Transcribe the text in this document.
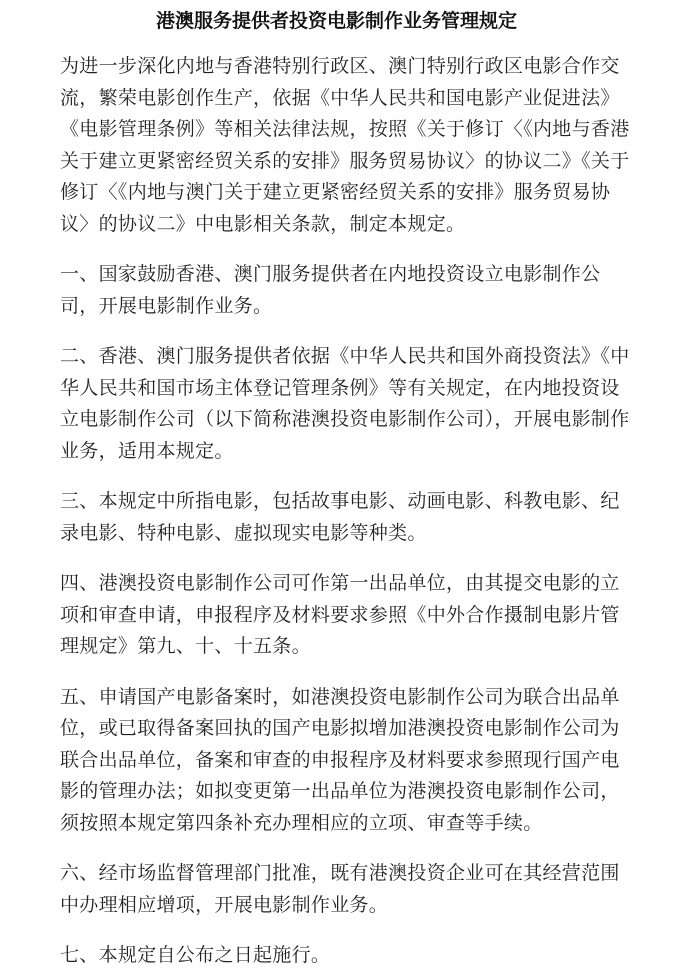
港澳服务提供者投资电影制作业务管理规定

为进一步深化内地与香港特别行政区、澳门特别行政区电影合作交流，繁荣电影创作生产，依据《中华人民共和国电影产业促进法》《电影管理条例》等相关法律法规，按照《关于修订〈《内地与香港关于建立更紧密经贸关系的安排》服务贸易协议〉的协议二》《关于修订〈《内地与澳门关于建立更紧密经贸关系的安排》服务贸易协议〉的协议二》中电影相关条款，制定本规定。

一、国家鼓励香港、澳门服务提供者在内地投资设立电影制作公司，开展电影制作业务。

二、香港、澳门服务提供者依据《中华人民共和国外商投资法》《中华人民共和国市场主体登记管理条例》等有关规定，在内地投资设立电影制作公司（以下简称港澳投资电影制作公司），开展电影制作业务，适用本规定。

三、本规定中所指电影，包括故事电影、动画电影、科教电影、纪录电影、特种电影、虚拟现实电影等种类。

四、港澳投资电影制作公司可作第一出品单位，由其提交电影的立项和审查申请，申报程序及材料要求参照《中外合作摄制电影片管理规定》第九、十、十五条。

五、申请国产电影备案时，如港澳投资电影制作公司为联合出品单位，或已取得备案回执的国产电影拟增加港澳投资电影制作公司为联合出品单位，备案和审查的申报程序及材料要求参照现行国产电影的管理办法；如拟变更第一出品单位为港澳投资电影制作公司，须按照本规定第四条补充办理相应的立项、审查等手续。

六、经市场监督管理部门批准，既有港澳投资企业可在其经营范围中办理相应增项，开展电影制作业务。

七、本规定自公布之日起施行。
